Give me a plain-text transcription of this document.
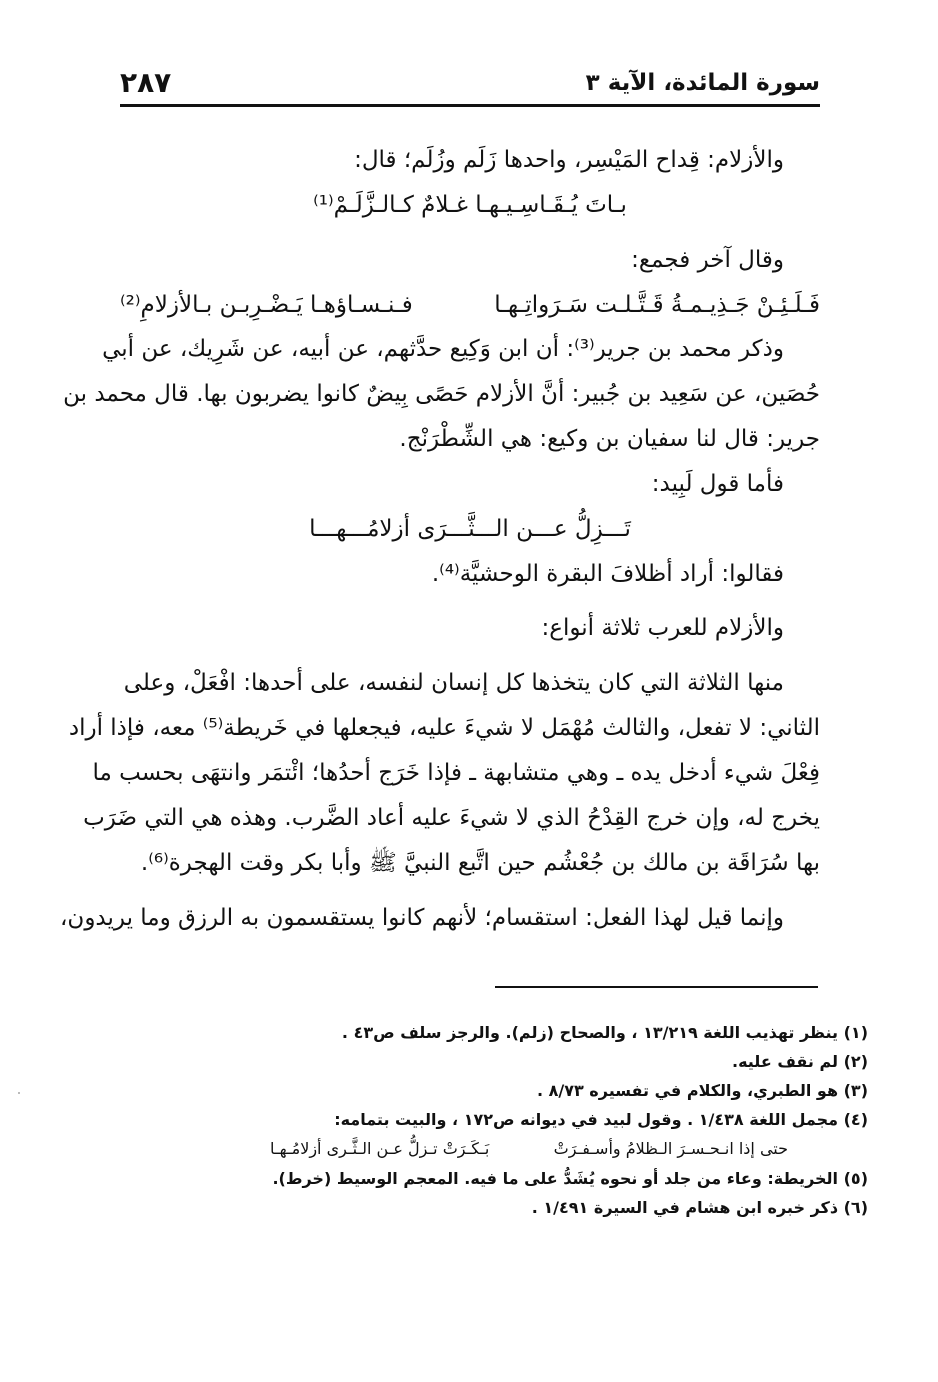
سورة المائدة، الآية ٣
٢٨٧
والأزلام: قِداح المَيْسِر، واحدها زَلَم وزُلَم؛ قال:
بـاتَ يُـقَـاسِـيـهـا غـلامٌ كـالـزَّلَـمْ⁽¹⁾
وقال آخر فجمع:
فَـلَـئِـنْ جَـذِيـمـةُ قَـتَّـلـت سَـرَواتِـهـا
فـنـسـاؤهـا يَـضْـرِبـن بـالأزلامِ⁽²⁾
وذكر محمد بن جرير⁽³⁾: أن ابن وَكِيع حدَّثهم، عن أبيه، عن شَرِيك، عن أبي
حُصَين، عن سَعِيد بن جُبير: أنَّ الأزلام حَصًى بِيضٌ كانوا يضربون بها. قال محمد بن
جرير: قال لنا سفيان بن وكيع: هي الشِّطْرَنْج.
فأما قول لَبِيد:
تَـــزِلُّ عـــن الـــثَّـــرَى أزلامُـــهـــا
فقالوا: أراد أظلافَ البقرة الوحشيَّة⁽⁴⁾.
والأزلام للعرب ثلاثة أنواع:
منها الثلاثة التي كان يتخذها كل إنسان لنفسه، على أحدها: افْعَلْ، وعلى
الثاني: لا تفعل، والثالث مُهْمَل لا شيءَ عليه، فيجعلها في خَريطة⁽⁵⁾ معه، فإذا أراد
فِعْلَ شيء أدخل يده ـ وهي متشابهة ـ فإذا خَرَج أحدُها؛ ائْتمَر وانتهَى بحسب ما
يخرج له، وإن خرج القِدْحُ الذي لا شيءَ عليه أعاد الضَّرب. وهذه هي التي ضَرَب
بها سُرَاقَة بن مالك بن جُعْشُم حين اتَّبع النبيَّ ﷺ وأبا بكر وقت الهجرة⁽⁶⁾.
وإنما قيل لهذا الفعل: استقسام؛ لأنهم كانوا يستقسمون به الرزق وما يريدون،
(١) ينظر تهذيب اللغة ١٣/٢١٩ ، والصحاح (زلم). والرجز سلف ص٤٣ .
(٢) لم نقف عليه.
(٣) هو الطبري، والكلام في تفسيره ٨/٧٣ .
(٤) مجمل اللغة ١/٤٣٨ . وقول لبيد في ديوانه ص١٧٢ ، والبيت بتمامه:
حتى إذا انـحـسـرَ الـظلامُ وأسـفـرَتْ
بَـكَـرَتْ تـزلُّ عـن الـثَّـرى أزلامُـهـا
(٥) الخريطة: وعاء من جلد أو نحوه يُشَدُّ على ما فيه. المعجم الوسيط (خرط).
(٦) ذكر خبره ابن هشام في السيرة ١/٤٩١ .
